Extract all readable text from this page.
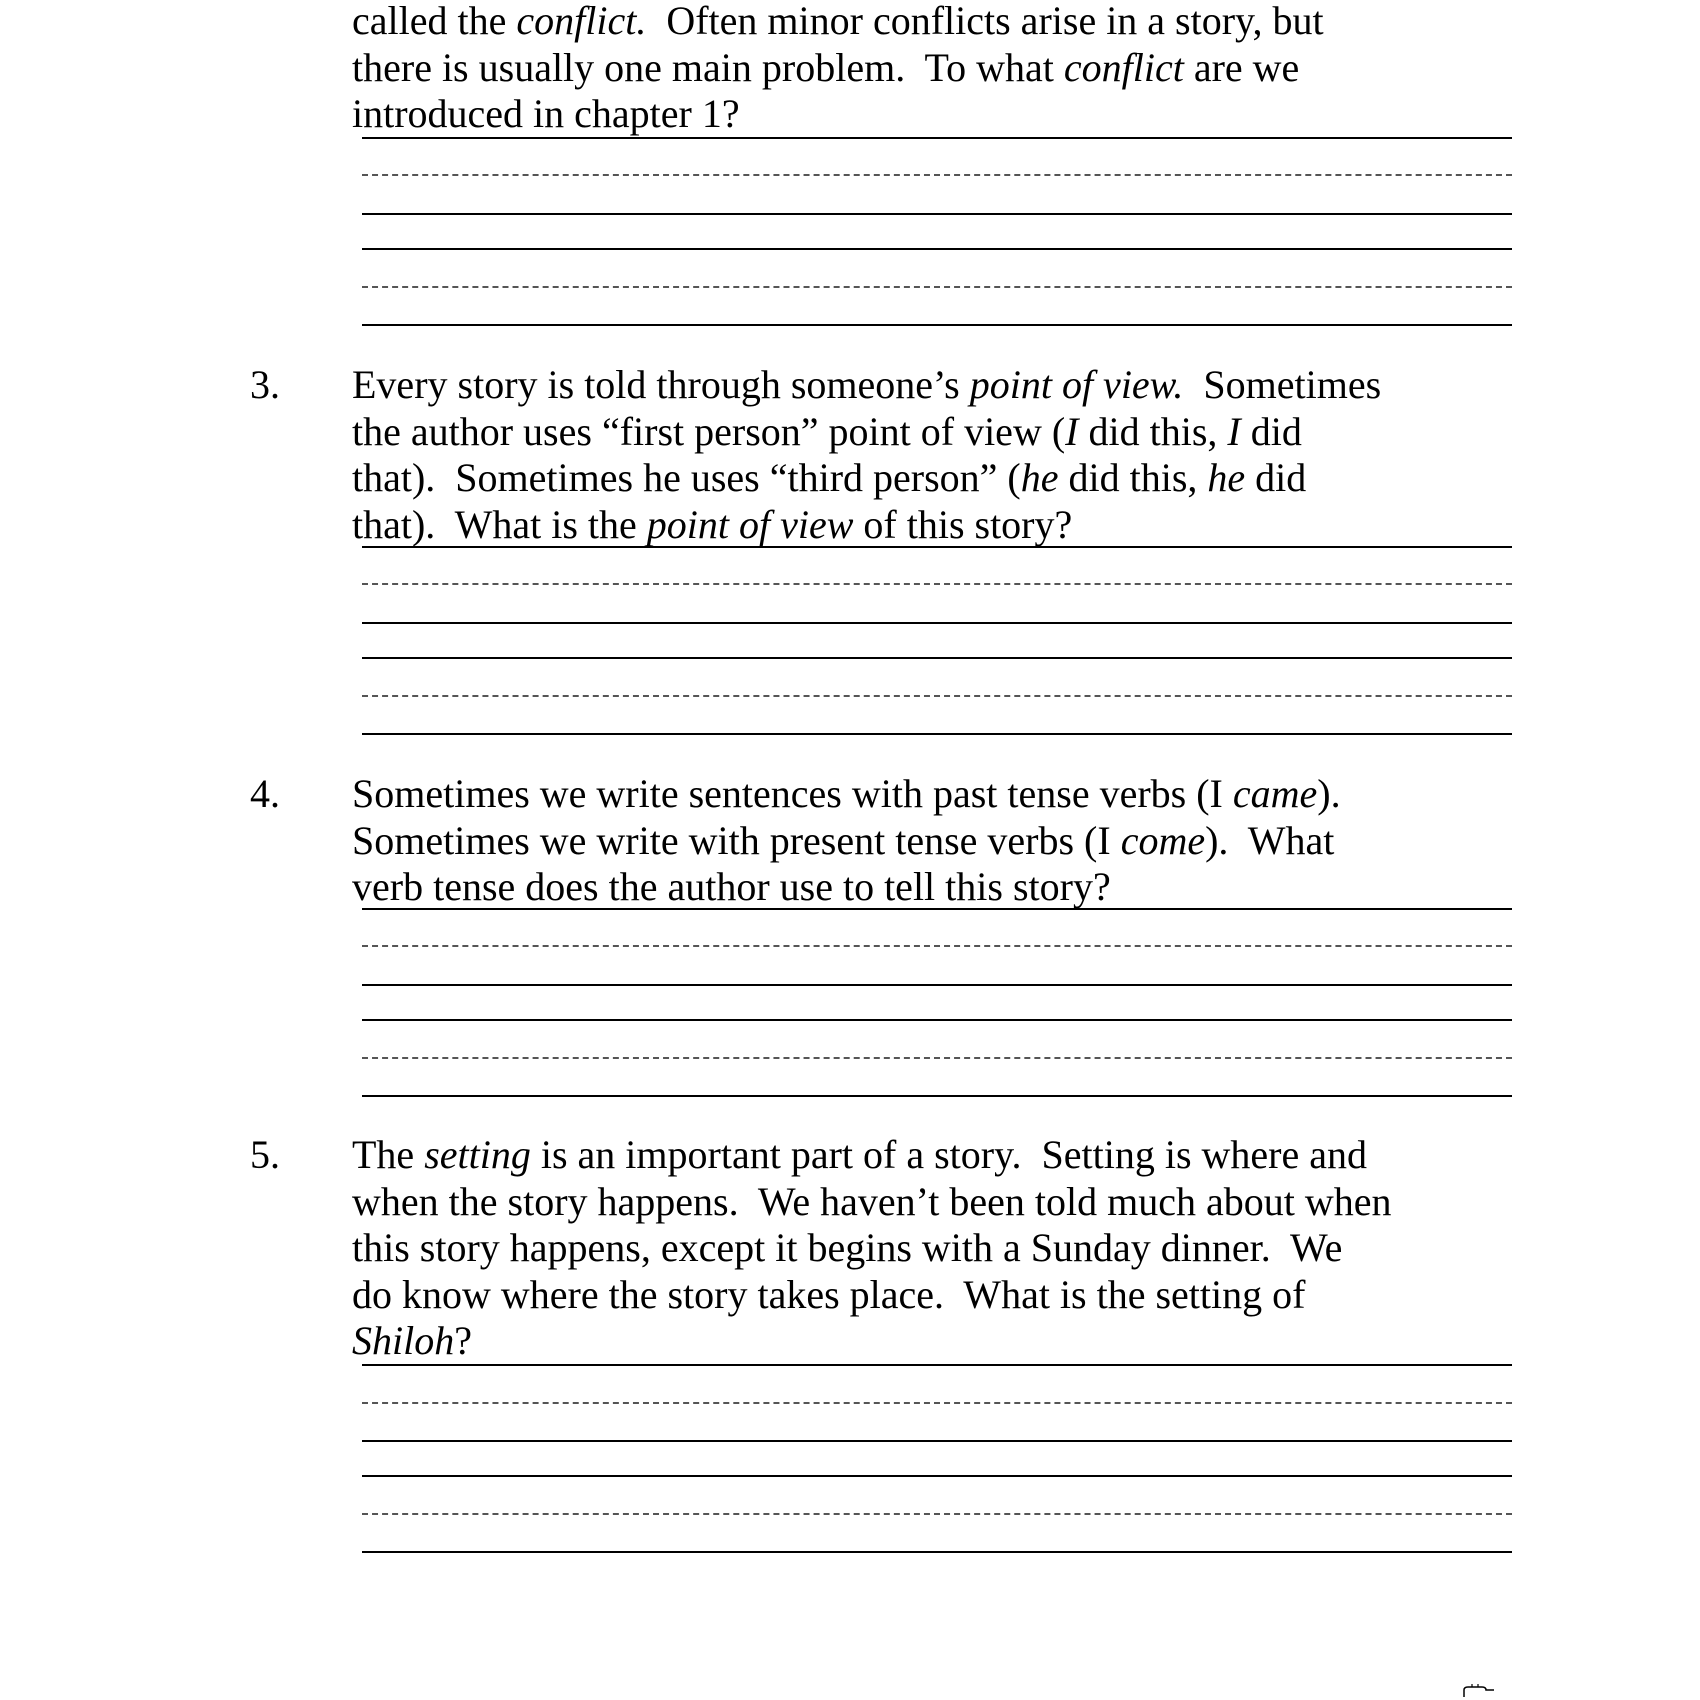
called the conflict.  Often minor conflicts arise in a story, but
there is usually one main problem.  To what conflict are we
introduced in chapter 1?
3. Every story is told through someone’s point of view.  Sometimes
the author uses “first person” point of view (I did this, I did
that).  Sometimes he uses “third person” (he did this, he did
that).  What is the point of view of this story?
4. Sometimes we write sentences with past tense verbs (I came).
Sometimes we write with present tense verbs (I come).  What
verb tense does the author use to tell this story?
5. The setting is an important part of a story.  Setting is where and
when the story happens.  We haven’t been told much about when
this story happens, except it begins with a Sunday dinner.  We
do know where the story takes place.  What is the setting of
Shiloh?
